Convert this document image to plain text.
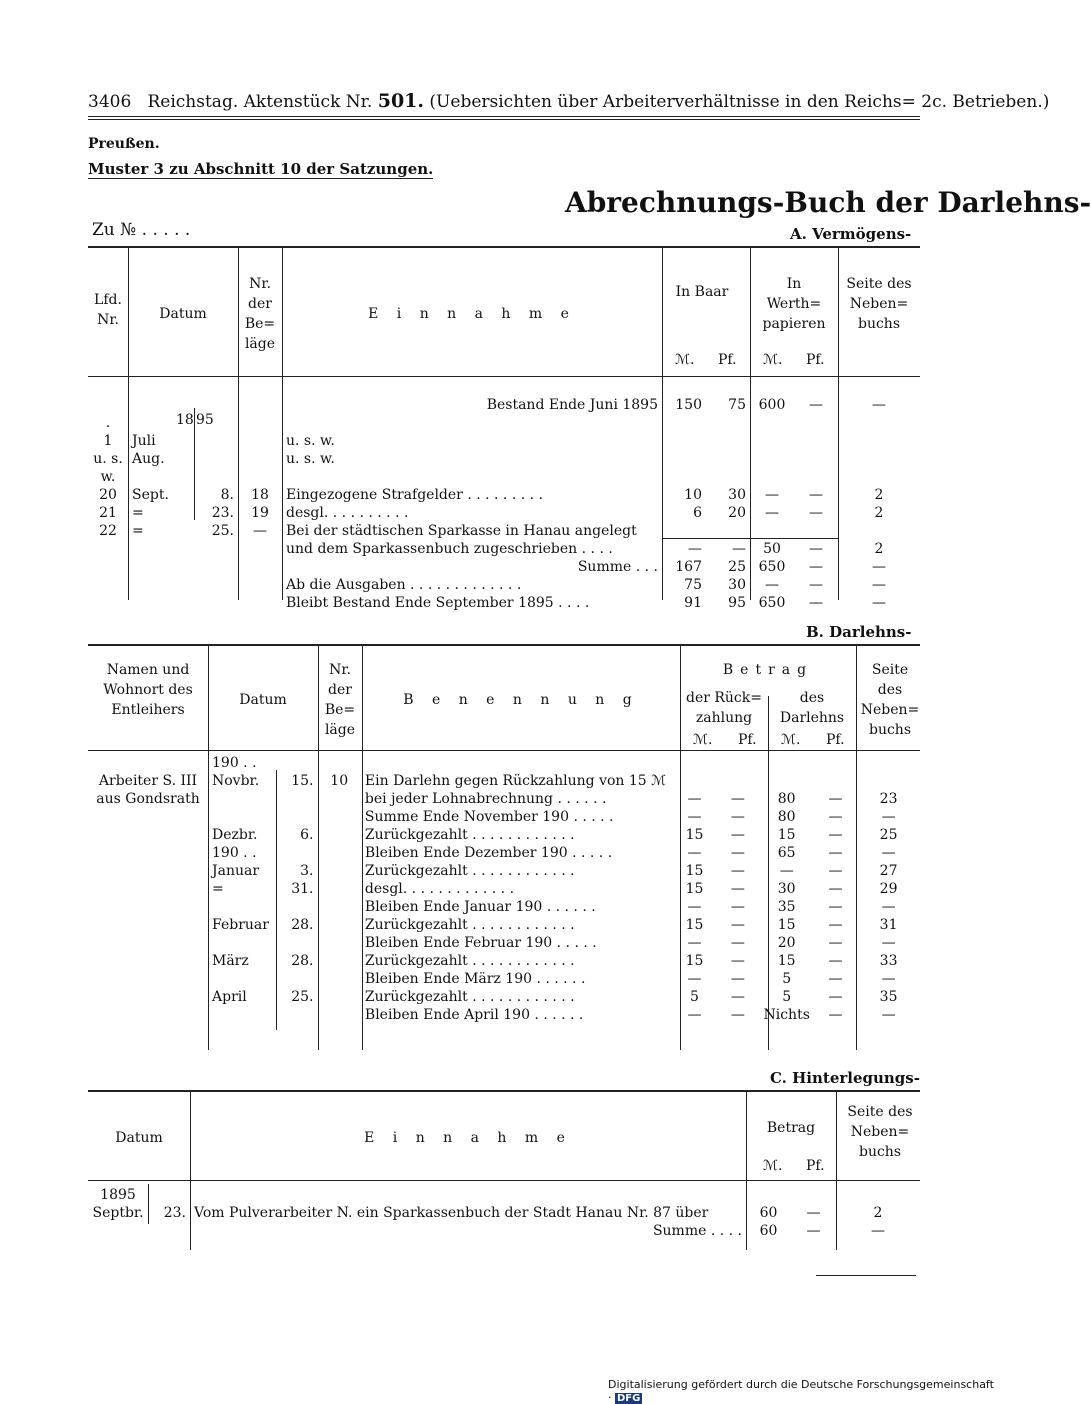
3406 Reichstag. Aktenstück Nr. 501. (Uebersichten über Arbeiterverhältnisse in den Reichs= 2c. Betrieben.)
Preußen.
Muster 3 zu Abschnitt 10 der Satzungen.
Abrechnungs-Buch der Darlehns-
Zu № . . . . .	A. Vermögens-
Lfd. Nr.	Datum
Nr. der Be= läge
E i n n a h m e
In Baar	In Werth= papieren
Seite des Neben= buchs
ℳ. Pf. ℳ. Pf.
18 95
				Bestand Ende Juni 1895	150	75	600	—	—
.									
1	Juli			u. s. w.					
u. s. w.	Aug.			u. s. w.					
20	Sept.	8.	18	Eingezogene Strafgelder . . . . . . . . .	10	30	—	—	2
21	=	23.	19	desgl. . . . . . . . . .	6	20	—	—	2
22	=	25.	—	Bei der städtischen Sparkasse in Hanau angelegt					
				und dem Sparkassenbuch zugeschrieben . . . .	—	—	50	—	2
				Summe . . .	167	25	650	—	—
				Ab die Ausgaben . . . . . . . . . . . . .	75	30	—	—	—
				Bleibt Bestand Ende September 1895 . . . .	91	95	650	—	—
B. Darlehns-
Namen und Wohnort des Entleihers
Datum
Nr. der Be= läge
B e n e n n u n g
Betrag
der Rück= zahlung
des Darlehns
Seite des Neben= buchs
ℳ. Pf. ℳ. Pf.
Arbeiter S. III aus Gondsrath
190 . .								
Novbr.	15.	10	Ein Darlehn gegen Rückzahlung von 15 ℳ					
			bei jeder Lohnabrechnung . . . . . .	—	—	80	—	23
			Summe Ende November 190 . . . . .	—	—	80	—	—
Dezbr.	6.		Zurückgezahlt . . . . . . . . . . . .	15	—	15	—	25
190 . .			Bleiben Ende Dezember 190 . . . . .	—	—	65	—	—
Januar	3.		Zurückgezahlt . . . . . . . . . . . .	15	—	—	—	27
=	31.		desgl. . . . . . . . . . . . .	15	—	30	—	29
			Bleiben Ende Januar 190 . . . . . .	—	—	35	—	—
Februar	28.		Zurückgezahlt . . . . . . . . . . . .	15	—	15	—	31
			Bleiben Ende Februar 190 . . . . .	—	—	20	—	—
März	28.		Zurückgezahlt . . . . . . . . . . . .	15	—	15	—	33
			Bleiben Ende März 190 . . . . . .	—	—	5	—	—
April	25.		Zurückgezahlt . . . . . . . . . . . .	5	—	5	—	35
			Bleiben Ende April 190 . . . . . .	—	—	Nichts	—	—
C. Hinterlegungs-
Datum	E i n n a h m e
Betrag
Seite des Neben= buchs
ℳ. Pf.
1895					
Septbr.	23.	Vom Pulverarbeiter N. ein Sparkassenbuch der Stadt Hanau Nr. 87 über	60	—	2
		Summe . . . .	60	—	—
Digitalisierung gefördert durch die Deutsche Forschungsgemeinschaft · DFG
